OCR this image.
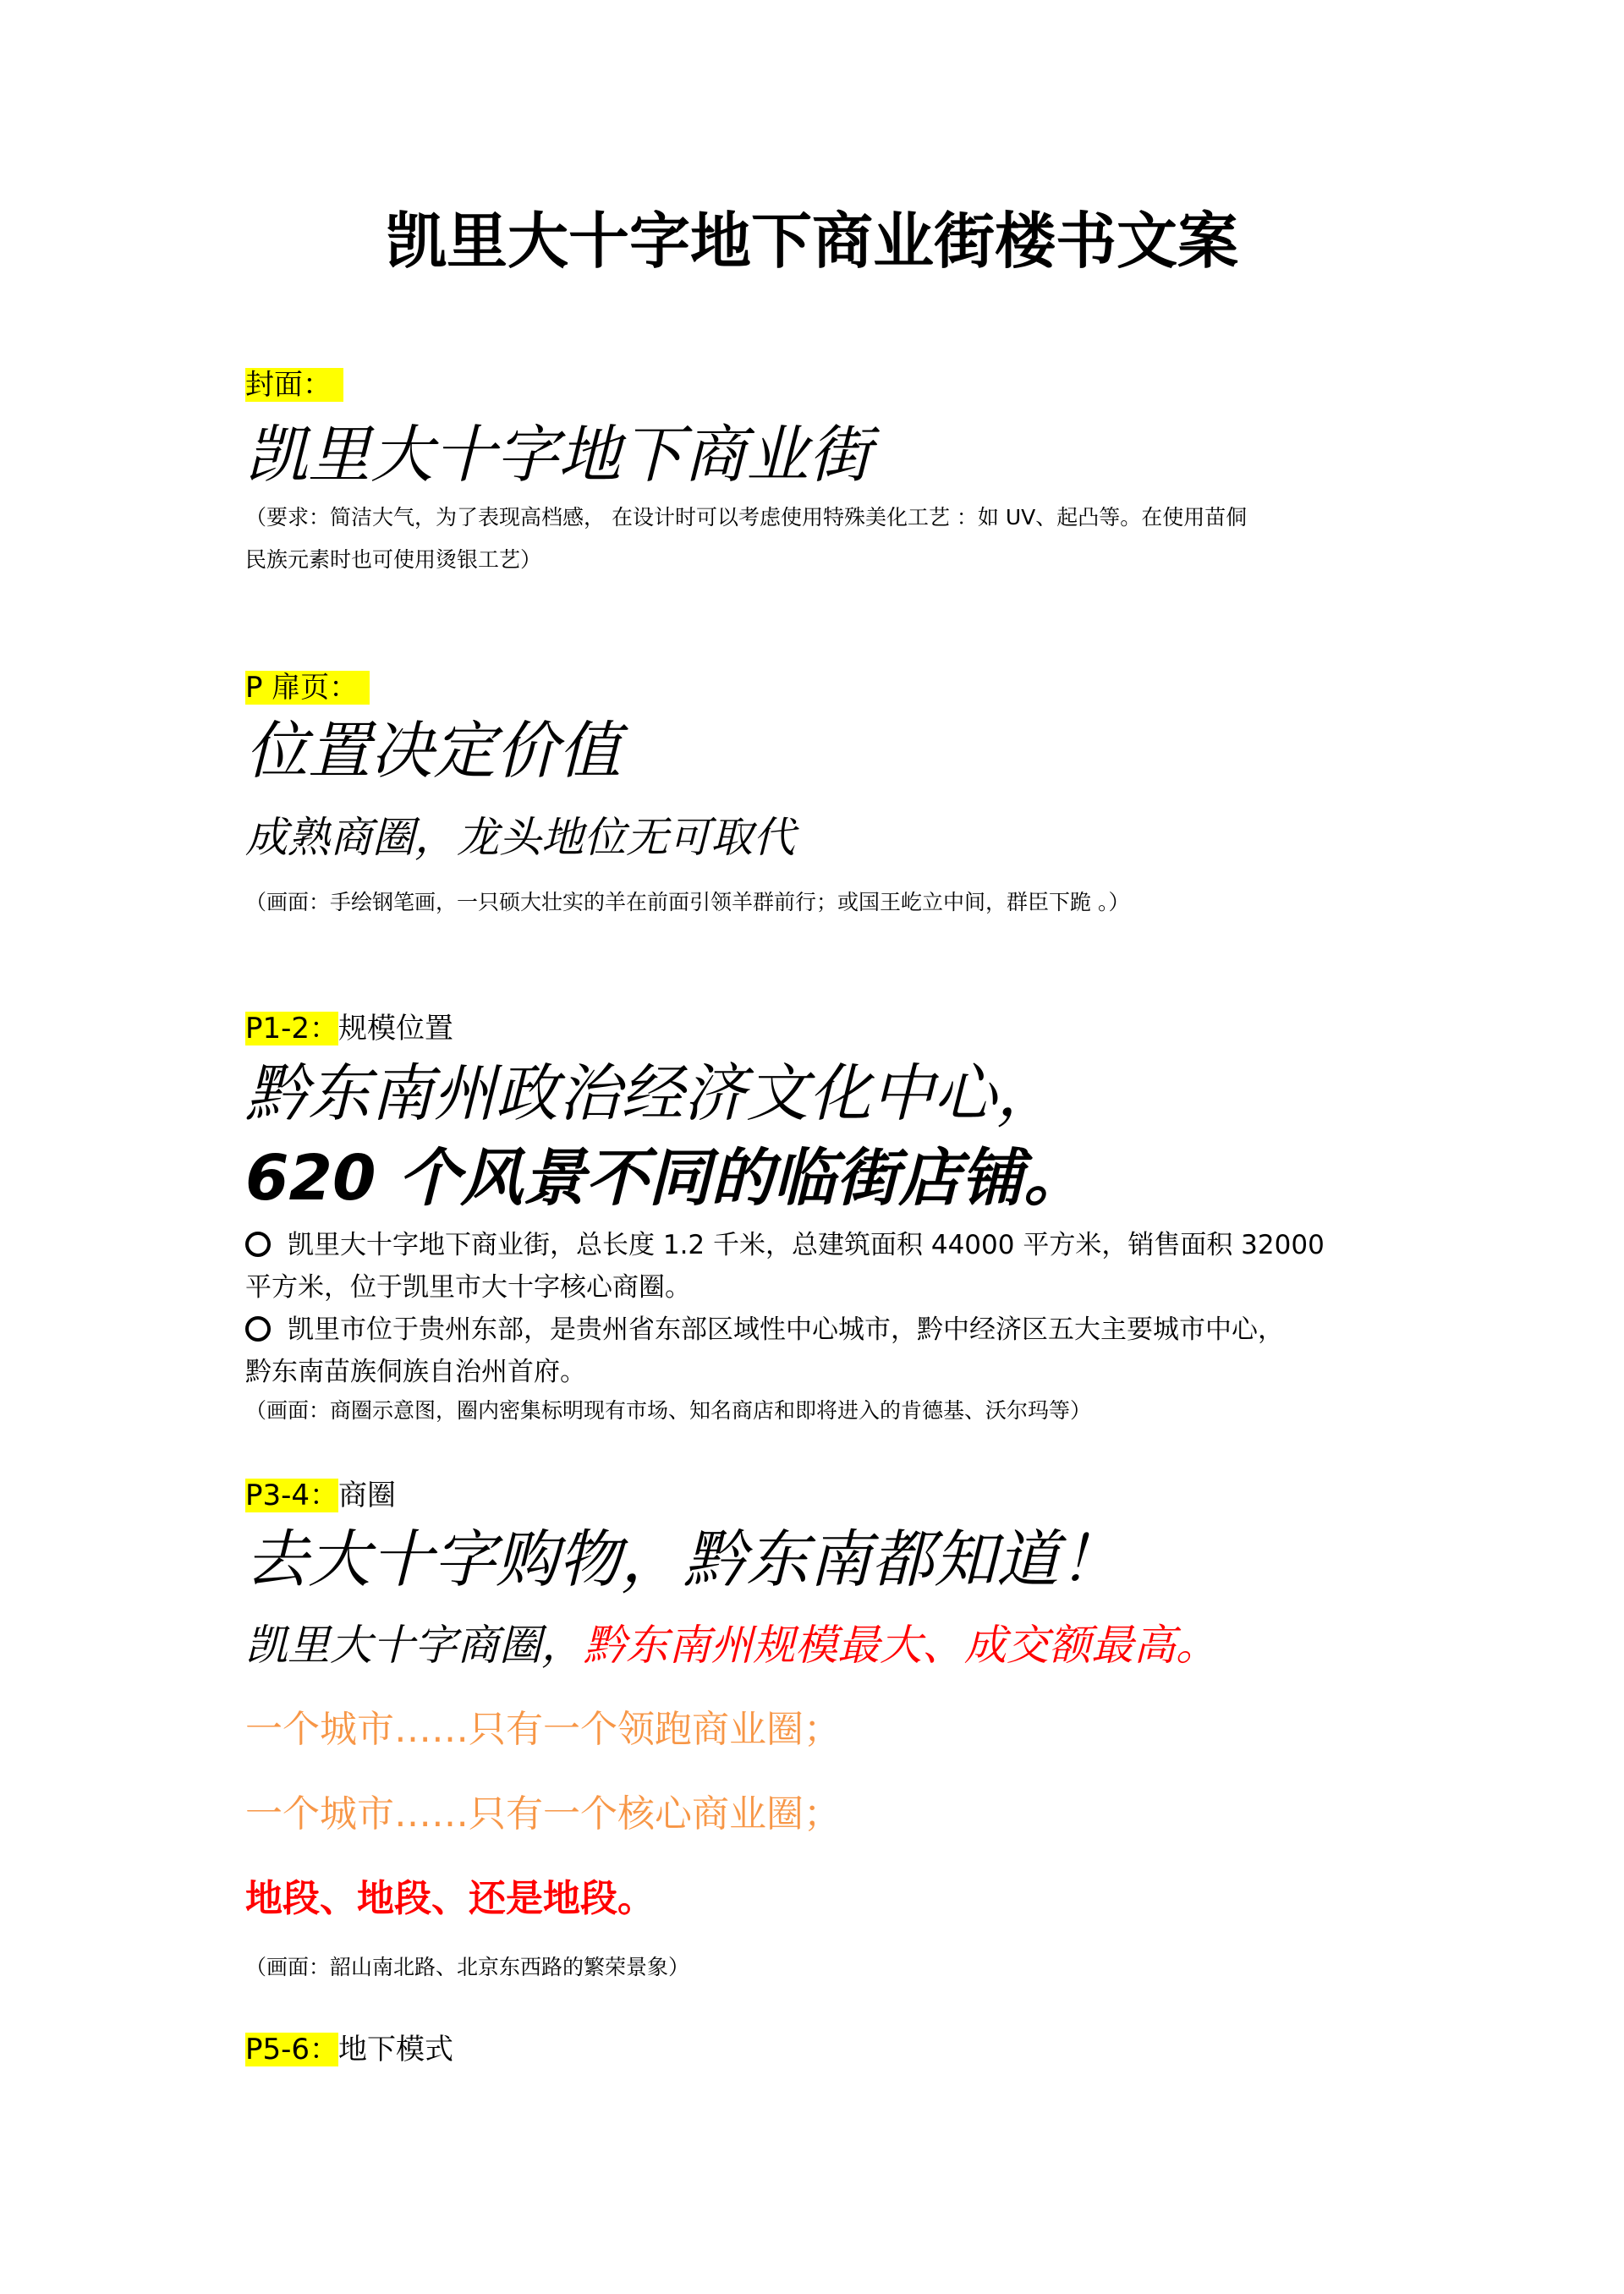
凯里大十字地下商业街楼书文案
封面：
凯里大十字地下商业街
（要求：简洁大气，为了表现高档感， 在设计时可以考虑使用特殊美化工艺 ：如 UV、起凸等。在使用苗侗
民族元素时也可使用烫银工艺）
P 扉页：
位置决定价值
成熟商圈，龙头地位无可取代
（画面：手绘钢笔画，一只硕大壮实的羊在前面引领羊群前行；或国王屹立中间，群臣下跪 。）
P1-2：规模位置
黔东南州政治经济文化中心，
620 个风景不同的临街店铺。
凯里大十字地下商业街，总长度 1.2 千米，总建筑面积 44000 平方米，销售面积 32000
平方米，位于凯里市大十字核心商圈。
凯里市位于贵州东部，是贵州省东部区域性中心城市，黔中经济区五大主要城市中心，
黔东南苗族侗族自治州首府。
（画面：商圈示意图，圈内密集标明现有市场、知名商店和即将进入的肯德基、沃尔玛等）
P3-4：商圈
去大十字购物，黔东南都知道！
凯里大十字商圈，黔东南州规模最大、成交额最高。
一个城市……只有一个领跑商业圈；
一个城市……只有一个核心商业圈；
地段、地段、还是地段。
（画面：韶山南北路、北京东西路的繁荣景象）
P5-6：地下模式
